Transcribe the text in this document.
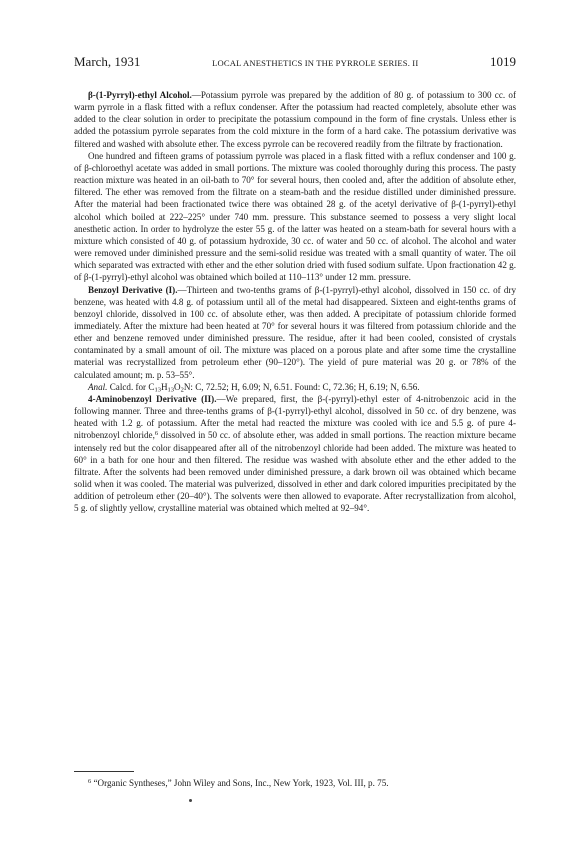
March, 1931	LOCAL ANESTHETICS IN THE PYRROLE SERIES. II	1019

β-(1-Pyrryl)-ethyl Alcohol.—Potassium pyrrole was prepared by the addition of 80 g. of potassium to 300 cc. of warm pyrrole in a flask fitted with a reflux condenser. After the potassium had reacted completely, absolute ether was added to the clear solution in order to precipitate the potassium compound in the form of fine crystals. Unless ether is added the potassium pyrrole separates from the cold mixture in the form of a hard cake. The potassium derivative was filtered and washed with absolute ether. The excess pyrrole can be recovered readily from the filtrate by fractionation.

One hundred and fifteen grams of potassium pyrrole was placed in a flask fitted with a reflux condenser and 100 g. of β-chloroethyl acetate was added in small portions. The mixture was cooled thoroughly during this process. The pasty reaction mixture was heated in an oil-bath to 70° for several hours, then cooled and, after the addition of absolute ether, filtered. The ether was removed from the filtrate on a steam-bath and the residue distilled under diminished pressure. After the material had been fractionated twice there was obtained 28 g. of the acetyl derivative of β-(1-pyrryl)-ethyl alcohol which boiled at 222–225° under 740 mm. pressure. This substance seemed to possess a very slight local anesthetic action. In order to hydrolyze the ester 55 g. of the latter was heated on a steam-bath for several hours with a mixture which consisted of 40 g. of potassium hydroxide, 30 cc. of water and 50 cc. of alcohol. The alcohol and water were removed under diminished pressure and the semi-solid residue was treated with a small quantity of water. The oil which separated was extracted with ether and the ether solution dried with fused sodium sulfate. Upon fractionation 42 g. of β-(1-pyrryl)-ethyl alcohol was obtained which boiled at 110–113° under 12 mm. pressure.

Benzoyl Derivative (I).—Thirteen and two-tenths grams of β-(1-pyrryl)-ethyl alcohol, dissolved in 150 cc. of dry benzene, was heated with 4.8 g. of potassium until all of the metal had disappeared. Sixteen and eight-tenths grams of benzoyl chloride, dissolved in 100 cc. of absolute ether, was then added. A precipitate of potassium chloride formed immediately. After the mixture had been heated at 70° for several hours it was filtered from potassium chloride and the ether and benzene removed under diminished pressure. The residue, after it had been cooled, consisted of crystals contaminated by a small amount of oil. The mixture was placed on a porous plate and after some time the crystalline material was recrystallized from petroleum ether (90–120°). The yield of pure material was 20 g. or 78% of the calculated amount; m. p. 53–55°.

Anal. Calcd. for $C_{13}H_{13}O_2N$: C, 72.52; H, 6.09; N, 6.51. Found: C, 72.36; H, 6.19; N, 6.56.

4-Aminobenzoyl Derivative (II).—We prepared, first, the β-(-pyrryl)-ethyl ester of 4-nitrobenzoic acid in the following manner. Three and three-tenths grams of β-(1-pyrryl)-ethyl alcohol, dissolved in 50 cc. of dry benzene, was heated with 1.2 g. of potassium. After the metal had reacted the mixture was cooled with ice and 5.5 g. of pure 4-nitrobenzoyl chloride,$^6$ dissolved in 50 cc. of absolute ether, was added in small portions. The reaction mixture became intensely red but the color disappeared after all of the nitrobenzoyl chloride had been added. The mixture was heated to 60° in a bath for one hour and then filtered. The residue was washed with absolute ether and the ether added to the filtrate. After the solvents had been removed under diminished pressure, a dark brown oil was obtained which became solid when it was cooled. The material was pulverized, dissolved in ether and dark colored impurities precipitated by the addition of petroleum ether (20–40°). The solvents were then allowed to evaporate. After recrystallization from alcohol, 5 g. of slightly yellow, crystalline material was obtained which melted at 92–94°.

$^6$ “Organic Syntheses,” John Wiley and Sons, Inc., New York, 1923, Vol. III, p. 75.
